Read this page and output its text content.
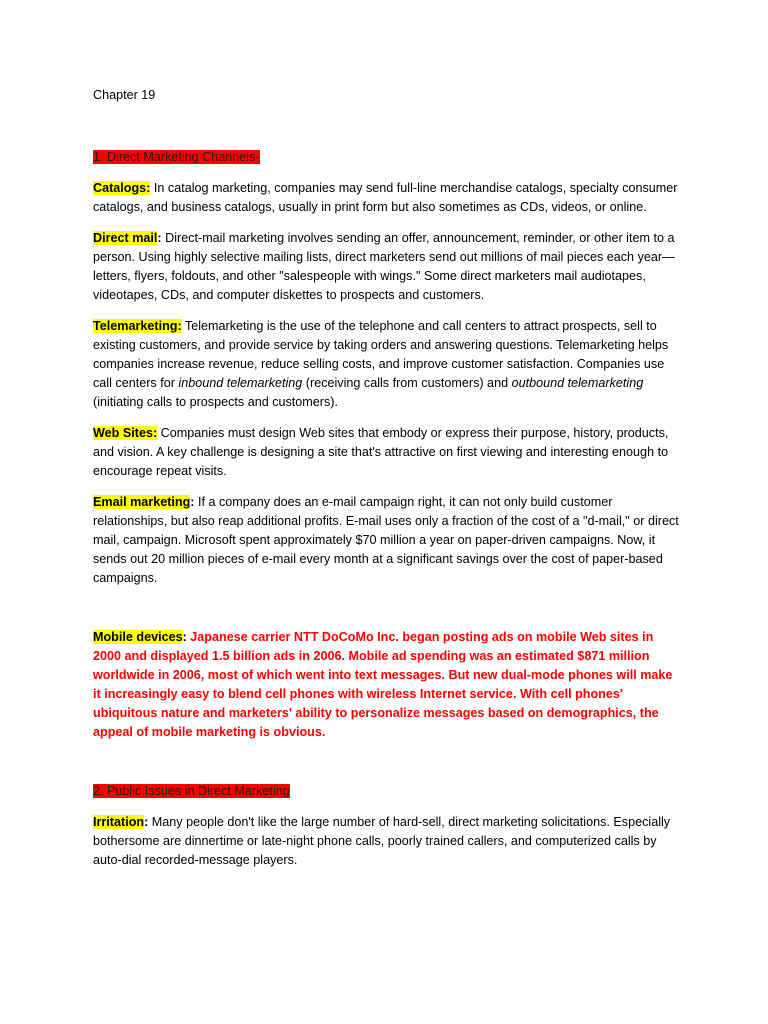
Chapter 19
1. Direct Marketing Channels-

Catalogs: In catalog marketing, companies may send full-line merchandise catalogs, specialty consumer catalogs, and business catalogs, usually in print form but also sometimes as CDs, videos, or online.

Direct mail: Direct-mail marketing involves sending an offer, announcement, reminder, or other item to a person. Using highly selective mailing lists, direct marketers send out millions of mail pieces each year—letters, flyers, foldouts, and other "salespeople with wings." Some direct marketers mail audiotapes, videotapes, CDs, and computer diskettes to prospects and customers.

Telemarketing: Telemarketing is the use of the telephone and call centers to attract prospects, sell to existing customers, and provide service by taking orders and answering questions. Telemarketing helps companies increase revenue, reduce selling costs, and improve customer satisfaction. Companies use call centers for inbound telemarketing (receiving calls from customers) and outbound telemarketing (initiating calls to prospects and customers).

Web Sites: Companies must design Web sites that embody or express their purpose, history, products, and vision. A key challenge is designing a site that's attractive on first viewing and interesting enough to encourage repeat visits.

Email marketing: If a company does an e-mail campaign right, it can not only build customer relationships, but also reap additional profits. E-mail uses only a fraction of the cost of a "d-mail," or direct mail, campaign. Microsoft spent approximately $70 million a year on paper-driven campaigns. Now, it sends out 20 million pieces of e-mail every month at a significant savings over the cost of paper-based campaigns.

Mobile devices: Japanese carrier NTT DoCoMo Inc. began posting ads on mobile Web sites in 2000 and displayed 1.5 billion ads in 2006. Mobile ad spending was an estimated $871 million worldwide in 2006, most of which went into text messages. But new dual-mode phones will make it increasingly easy to blend cell phones with wireless Internet service. With cell phones' ubiquitous nature and marketers' ability to personalize messages based on demographics, the appeal of mobile marketing is obvious.

2. Public Issues in Direct Marketing

Irritation: Many people don't like the large number of hard-sell, direct marketing solicitations. Especially bothersome are dinnertime or late-night phone calls, poorly trained callers, and computerized calls by auto-dial recorded-message players.
